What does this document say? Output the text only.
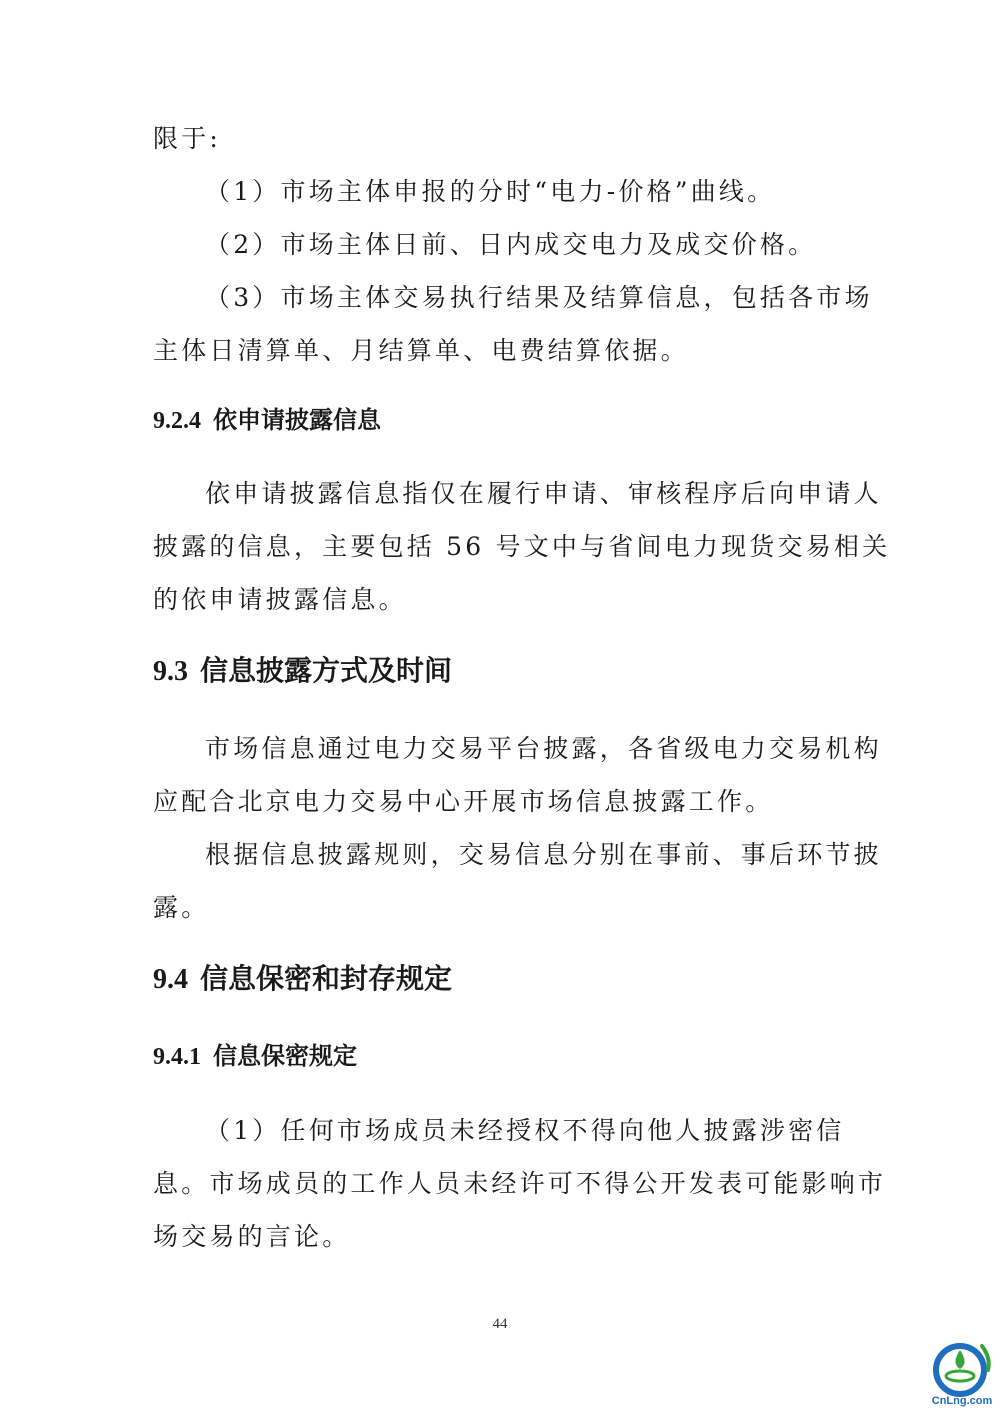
限于:
（1）市场主体申报的分时“电力-价格”曲线。
（2）市场主体日前、日内成交电力及成交价格。
（3）市场主体交易执行结果及结算信息，包括各市场
主体日清算单、月结算单、电费结算依据。
9.2.4 依申请披露信息
依申请披露信息指仅在履行申请、审核程序后向申请人
披露的信息，主要包括 56 号文中与省间电力现货交易相关
的依申请披露信息。
9.3 信息披露方式及时间
市场信息通过电力交易平台披露，各省级电力交易机构
应配合北京电力交易中心开展市场信息披露工作。
根据信息披露规则，交易信息分别在事前、事后环节披
露。
9.4 信息保密和封存规定
9.4.1 信息保密规定
（1）任何市场成员未经授权不得向他人披露涉密信
息。市场成员的工作人员未经许可不得公开发表可能影响市
场交易的言论。
44
CnLng.com
